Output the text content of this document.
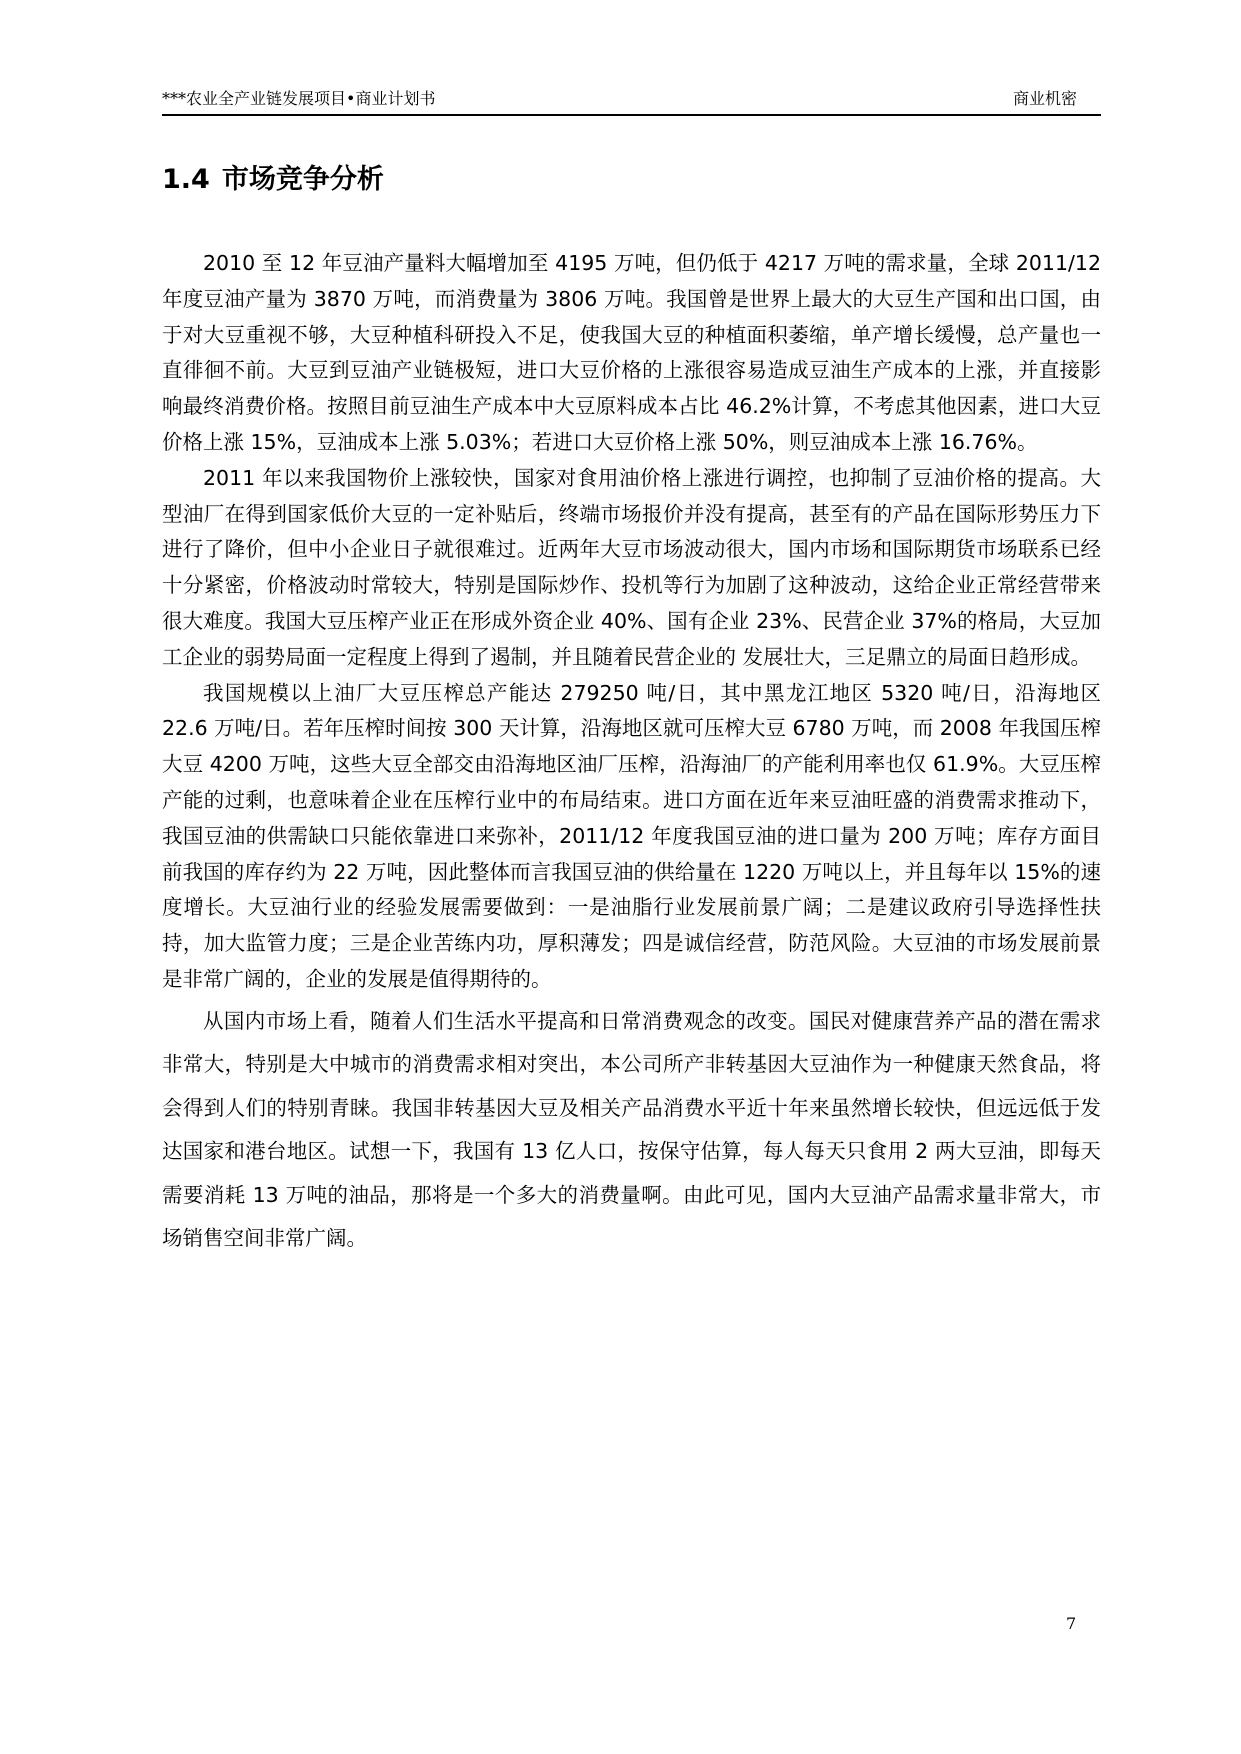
***农业全产业链发展项目•商业计划书	商业机密
1.4 市场竞争分析

2010 至 12 年豆油产量料大幅增加至 4195 万吨，但仍低于 4217 万吨的需求量，全球 2011/12 年度豆油产量为 3870 万吨，而消费量为 3806 万吨。我国曾是世界上最大的大豆生产国和出口国，由于对大豆重视不够，大豆种植科研投入不足，使我国大豆的种植面积萎缩，单产增长缓慢，总产量也一直徘徊不前。大豆到豆油产业链极短，进口大豆价格的上涨很容易造成豆油生产成本的上涨，并直接影响最终消费价格。按照目前豆油生产成本中大豆原料成本占比 46.2%计算，不考虑其他因素，进口大豆价格上涨 15%，豆油成本上涨 5.03%；若进口大豆价格上涨 50%，则豆油成本上涨 16.76%。

2011 年以来我国物价上涨较快，国家对食用油价格上涨进行调控，也抑制了豆油价格的提高。大型油厂在得到国家低价大豆的一定补贴后，终端市场报价并没有提高，甚至有的产品在国际形势压力下进行了降价，但中小企业日子就很难过。近两年大豆市场波动很大，国内市场和国际期货市场联系已经十分紧密，价格波动时常较大，特别是国际炒作、投机等行为加剧了这种波动，这给企业正常经营带来很大难度。我国大豆压榨产业正在形成外资企业 40%、国有企业 23%、民营企业 37%的格局，大豆加工企业的弱势局面一定程度上得到了遏制，并且随着民营企业的 发展壮大，三足鼎立的局面日趋形成。

我国规模以上油厂大豆压榨总产能达 279250 吨/日，其中黑龙江地区 5320 吨/日，沿海地区 22.6 万吨/日。若年压榨时间按 300 天计算，沿海地区就可压榨大豆 6780 万吨，而 2008 年我国压榨大豆 4200 万吨，这些大豆全部交由沿海地区油厂压榨，沿海油厂的产能利用率也仅 61.9%。大豆压榨产能的过剩，也意味着企业在压榨行业中的布局结束。进口方面在近年来豆油旺盛的消费需求推动下，我国豆油的供需缺口只能依靠进口来弥补，2011/12 年度我国豆油的进口量为 200 万吨；库存方面目前我国的库存约为 22 万吨，因此整体而言我国豆油的供给量在 1220 万吨以上，并且每年以 15%的速度增长。大豆油行业的经验发展需要做到：一是油脂行业发展前景广阔；二是建议政府引导选择性扶持，加大监管力度；三是企业苦练内功，厚积薄发；四是诚信经营，防范风险。大豆油的市场发展前景是非常广阔的，企业的发展是值得期待的。

从国内市场上看，随着人们生活水平提高和日常消费观念的改变。国民对健康营养产品的潜在需求非常大，特别是大中城市的消费需求相对突出，本公司所产非转基因大豆油作为一种健康天然食品，将会得到人们的特别青睐。我国非转基因大豆及相关产品消费水平近十年来虽然增长较快，但远远低于发达国家和港台地区。试想一下，我国有 13 亿人口，按保守估算，每人每天只食用 2 两大豆油，即每天需要消耗 13 万吨的油品，那将是一个多大的消费量啊。由此可见，国内大豆油产品需求量非常大，市场销售空间非常广阔。

7
